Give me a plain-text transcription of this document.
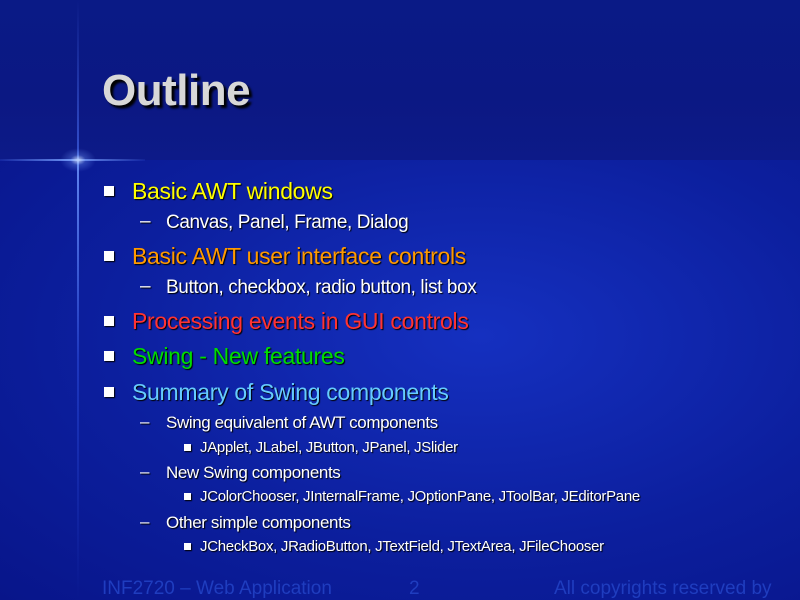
Outline
Basic AWT windows
– Canvas, Panel, Frame, Dialog
Basic AWT user interface controls
– Button, checkbox, radio button, list box
Processing events in GUI controls
Swing - New features
Summary of Swing components
– Swing equivalent of AWT components
JApplet, JLabel, JButton, JPanel, JSlider
– New Swing components
JColorChooser, JInternalFrame, JOptionPane, JToolBar, JEditorPane
– Other simple components
JCheckBox, JRadioButton, JTextField, JTextArea, JFileChooser
INF2720 – Web Application	2	All copyrights reserved by
